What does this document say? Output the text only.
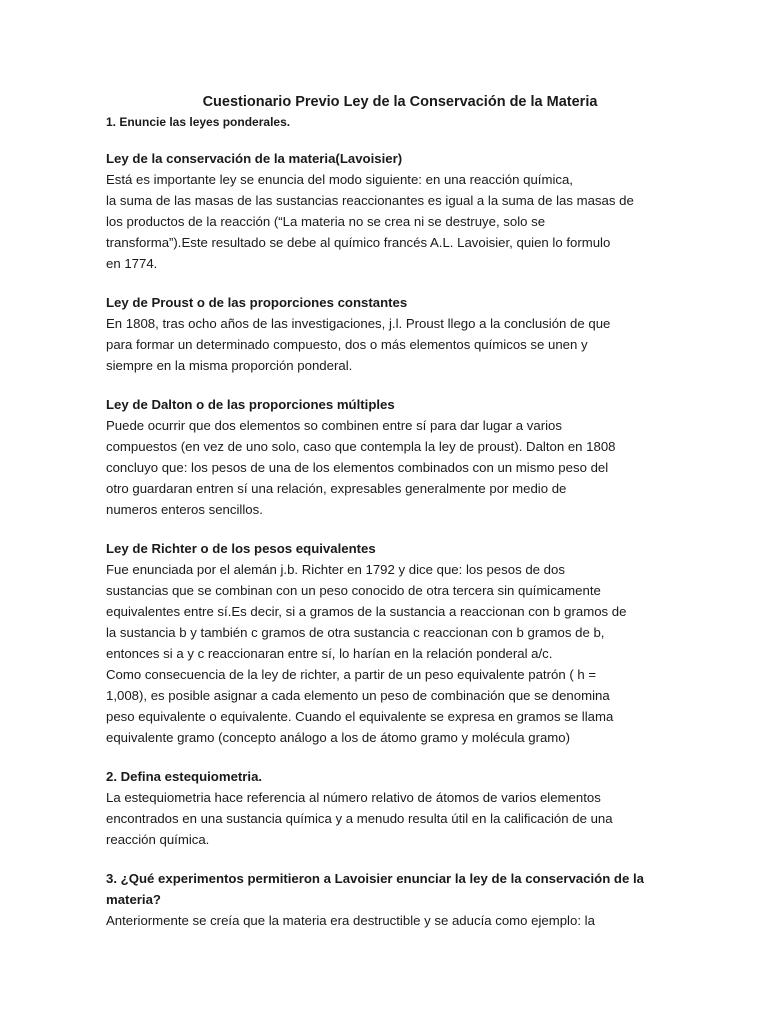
Cuestionario Previo Ley de la Conservación de la Materia

1. Enuncie las leyes ponderales.

Ley de la conservación de la materia(Lavoisier)

Está es importante ley se enuncia del modo siguiente: en una reacción química,
la suma de las masas de las sustancias reaccionantes es igual a la suma de las masas de
los productos de la reacción (“La materia no se crea ni se destruye, solo se
transforma”).Este resultado se debe al químico francés A.L. Lavoisier, quien lo formulo
en 1774.

Ley de Proust o de las proporciones constantes

En 1808, tras ocho años de las investigaciones, j.l. Proust llego a la conclusión de que
para formar un determinado compuesto, dos o más elementos químicos se unen y
siempre en la misma proporción ponderal.

Ley de Dalton o de las proporciones múltiples

Puede ocurrir que dos elementos so combinen entre sí para dar lugar a varios
compuestos (en vez de uno solo, caso que contempla la ley de proust). Dalton en 1808
concluyo que: los pesos de una de los elementos combinados con un mismo peso del
otro guardaran entren sí una relación, expresables generalmente por medio de
numeros enteros sencillos.

Ley de Richter o de los pesos equivalentes

Fue enunciada por el alemán j.b. Richter en 1792 y dice que: los pesos de dos
sustancias que se combinan con un peso conocido de otra tercera sin químicamente
equivalentes entre sí.Es decir, si a gramos de la sustancia a reaccionan con b gramos de
la sustancia b y también c gramos de otra sustancia c reaccionan con b gramos de b,
entonces si a y c reaccionaran entre sí, lo harían en la relación ponderal a/c.
Como consecuencia de la ley de richter, a partir de un peso equivalente patrón ( h =
1,008), es posible asignar a cada elemento un peso de combinación que se denomina
peso equivalente o equivalente. Cuando el equivalente se expresa en gramos se llama
equivalente gramo (concepto análogo a los de átomo gramo y molécula gramo)

2. Defina estequiometria.

La estequiometria hace referencia al número relativo de átomos de varios elementos
encontrados en una sustancia química y a menudo resulta útil en la calificación de una
reacción química.

3. ¿Qué experimentos permitieron a Lavoisier enunciar la ley de la conservación de la
materia?

Anteriormente se creía que la materia era destructible y se aducía como ejemplo: la
